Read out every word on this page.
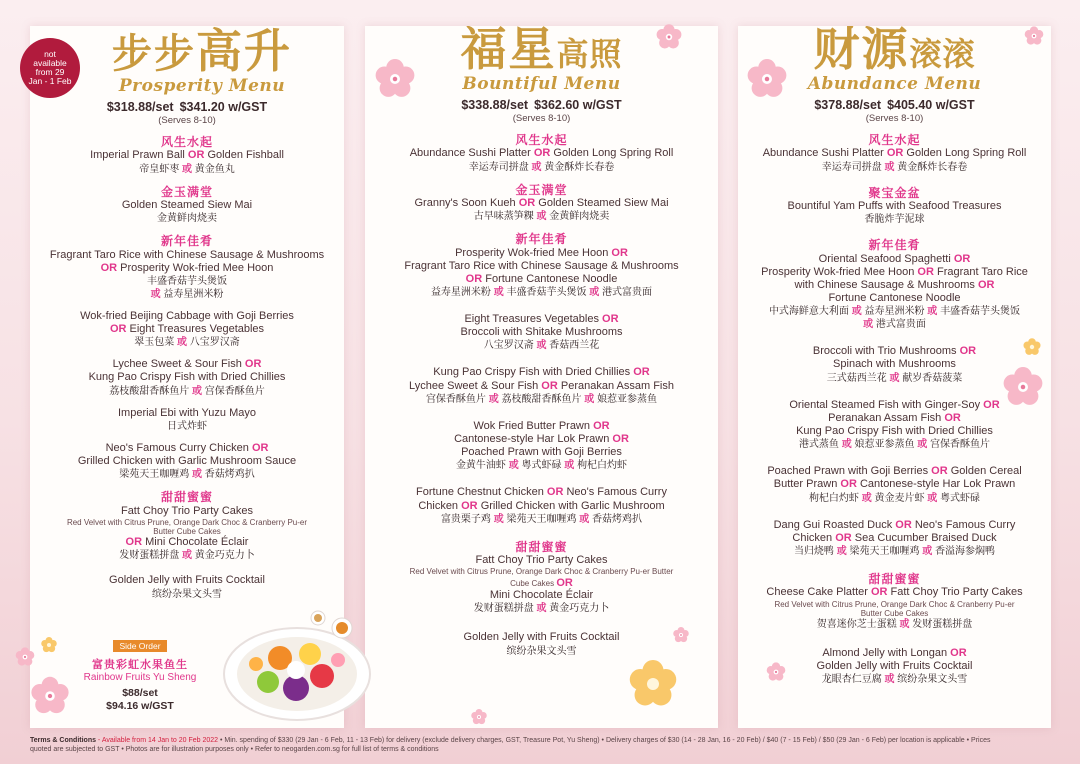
not available from 29 Jan - 1 Feb
步步高升
Prosperity Menu
$318.88/set $341.20 w/GST
(Serves 8-10)
风生水起
Imperial Prawn Ball OR Golden Fishball
帝皇虾枣 或 黄金鱼丸
金玉满堂
Golden Steamed Siew Mai
金黄鲜肉烧卖
新年佳肴
Fragrant Taro Rice with Chinese Sausage & Mushrooms
OR Prosperity Wok-fried Mee Hoon
丰盛香菇芋头煲饭
或 益寿星洲米粉
Wok-fried Beijing Cabbage with Goji Berries
OR Eight Treasures Vegetables
翠玉包菜 或 八宝罗汉斋
Lychee Sweet & Sour Fish OR
Kung Pao Crispy Fish with Dried Chillies
荔枝酸甜香酥鱼片 或 宫保香酥鱼片
Imperial Ebi with Yuzu Mayo
日式炸虾
Neo's Famous Curry Chicken OR
Grilled Chicken with Garlic Mushroom Sauce
梁苑天王咖喱鸡 或 香菇烤鸡扒
甜甜蜜蜜
Fatt Choy Trio Party Cakes
Red Velvet with Citrus Prune, Orange Dark Choc & Cranberry Pu-er
Butter Cube Cakes
OR Mini Chocolate Éclair
发财蛋糕拼盘 或 黄金巧克力卜
Golden Jelly with Fruits Cocktail
缤纷杂果文头雪
Side Order
富贵彩虹水果鱼生
Rainbow Fruits Yu Sheng
$88/set
$94.16 w/GST
福星高照
Bountiful Menu
$338.88/set $362.60 w/GST
(Serves 8-10)
风生水起
Abundance Sushi Platter OR Golden Long Spring Roll
幸运寿司拼盘 或 黄金酥炸长春卷
金玉满堂
Granny's Soon Kueh OR Golden Steamed Siew Mai
古早味蒸笋粿 或 金黄鲜肉烧卖
新年佳肴
Prosperity Wok-fried Mee Hoon OR
Fragrant Taro Rice with Chinese Sausage & Mushrooms
OR Fortune Cantonese Noodle
益寿星洲米粉 或 丰盛香菇芋头煲饭 或 港式富贵面
Eight Treasures Vegetables OR
Broccoli with Shitake Mushrooms
八宝罗汉斋 或 香菇西兰花
Kung Pao Crispy Fish with Dried Chillies OR
Lychee Sweet & Sour Fish OR Peranakan Assam Fish
宫保香酥鱼片 或 荔枝酸甜香酥鱼片 或 娘惹亚参蒸鱼
Wok Fried Butter Prawn OR
Cantonese-style Har Lok Prawn OR
Poached Prawn with Goji Berries
金黄牛油虾 或 粤式虾碌 或 枸杞白灼虾
Fortune Chestnut Chicken OR Neo's Famous Curry
Chicken OR Grilled Chicken with Garlic Mushroom
富贵栗子鸡 或 梁苑天王咖喱鸡 或 香菇烤鸡扒
甜甜蜜蜜
Fatt Choy Trio Party Cakes
Red Velvet with Citrus Prune, Orange Dark Choc & Cranberry Pu-er Butter
Cube Cakes OR
Mini Chocolate Éclair
发财蛋糕拼盘 或 黄金巧克力卜
Golden Jelly with Fruits Cocktail
缤纷杂果文头雪
财源滚滚
Abundance Menu
$378.88/set $405.40 w/GST
(Serves 8-10)
风生水起
Abundance Sushi Platter OR Golden Long Spring Roll
幸运寿司拼盘 或 黄金酥炸长春卷
聚宝金盆
Bountiful Yam Puffs with Seafood Treasures
香脆炸芋泥球
新年佳肴
Oriental Seafood Spaghetti OR
Prosperity Wok-fried Mee Hoon OR Fragrant Taro Rice
with Chinese Sausage & Mushrooms OR
Fortune Cantonese Noodle
中式海鲜意大利面 或 益寿星洲米粉 或 丰盛香菇芋头煲饭
或 港式富贵面
Broccoli with Trio Mushrooms OR
Spinach with Mushrooms
三式菇西兰花 或 献岁香菇菠菜
Oriental Steamed Fish with Ginger-Soy OR
Peranakan Assam Fish OR
Kung Pao Crispy Fish with Dried Chillies
港式蒸鱼 或 娘惹亚参蒸鱼 或 宫保香酥鱼片
Poached Prawn with Goji Berries OR Golden Cereal
Butter Prawn OR Cantonese-style Har Lok Prawn
枸杞白灼虾 或 黄金麦片虾 或 粤式虾碌
Dang Gui Roasted Duck OR Neo's Famous Curry
Chicken OR Sea Cucumber Braised Duck
当归烧鸭 或 梁苑天王咖喱鸡 或 香溢海参焖鸭
甜甜蜜蜜
Cheese Cake Platter OR Fatt Choy Trio Party Cakes
Red Velvet with Citrus Prune, Orange Dark Choc & Cranberry Pu-er
Butter Cube Cakes
贺喜迷你芝士蛋糕 或 发财蛋糕拼盘
Almond Jelly with Longan OR
Golden Jelly with Fruits Cocktail
龙眼杏仁豆腐 或 缤纷杂果文头雪
Terms & Conditions - Available from 14 Jan to 20 Feb 2022 • Min. spending of $330 (29 Jan - 6 Feb, 11 - 13 Feb) for delivery (exclude delivery charges, GST, Treasure Pot, Yu Sheng) • Delivery charges of $30 (14 - 28 Jan, 16 - 20 Feb) / $40 (7 - 15 Feb) / $50 (29 Jan - 6 Feb) per location is applicable • Prices
quoted are subjected to GST • Photos are for illustration purposes only • Refer to neogarden.com.sg for full list of terms & conditions
